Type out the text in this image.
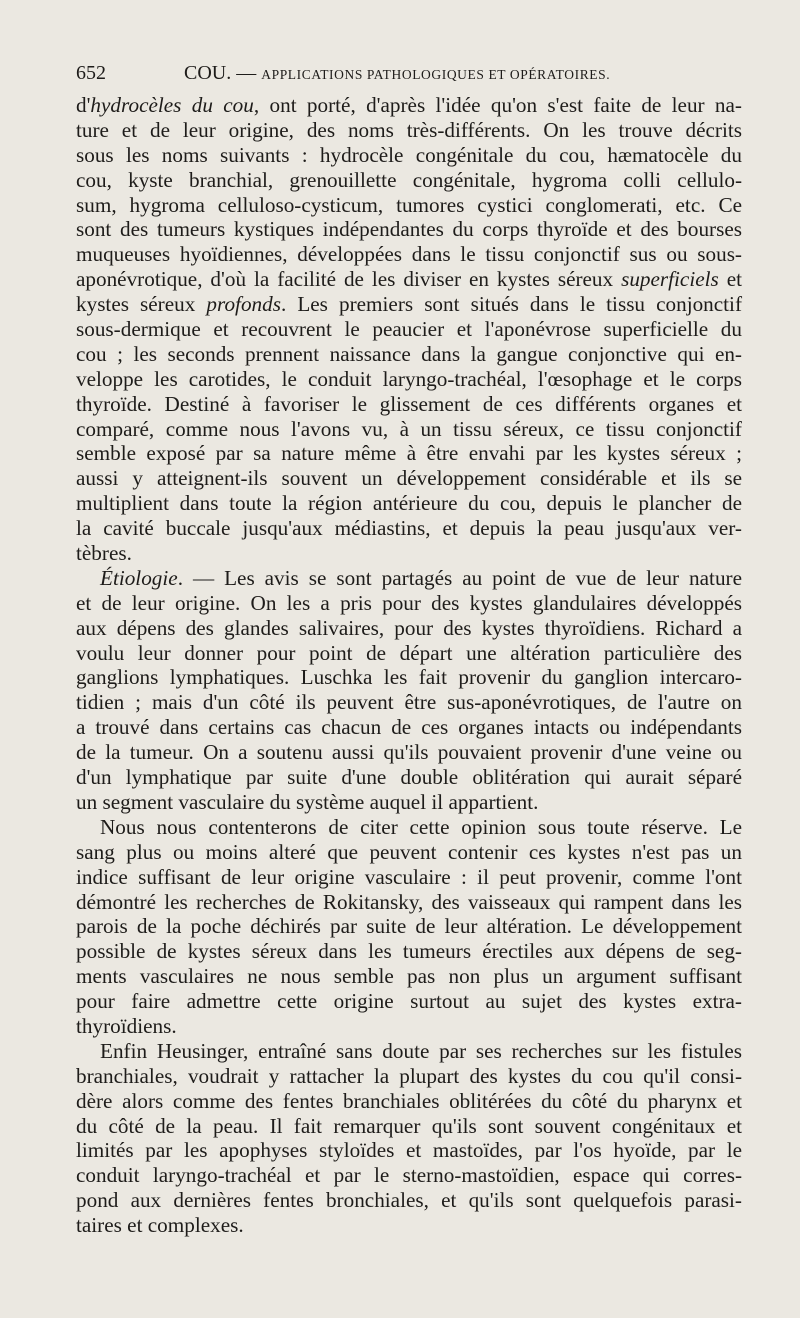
652	COU. — APPLICATIONS PATHOLOGIQUES ET OPÉRATOIRES.
d'hydrocèles du cou, ont porté, d'après l'idée qu'on s'est faite de leur na-
ture et de leur origine, des noms très-différents. On les trouve décrits
sous les noms suivants : hydrocèle congénitale du cou, hæmatocèle du
cou, kyste branchial, grenouillette congénitale, hygroma colli cellulo-
sum, hygroma celluloso-cysticum, tumores cystici conglomerati, etc. Ce
sont des tumeurs kystiques indépendantes du corps thyroïde et des bourses
muqueuses hyoïdiennes, développées dans le tissu conjonctif sus ou sous-
aponévrotique, d'où la facilité de les diviser en kystes séreux superficiels et
kystes séreux profonds. Les premiers sont situés dans le tissu conjonctif
sous-dermique et recouvrent le peaucier et l'aponévrose superficielle du
cou ; les seconds prennent naissance dans la gangue conjonctive qui en-
veloppe les carotides, le conduit laryngo-trachéal, l'œsophage et le corps
thyroïde. Destiné à favoriser le glissement de ces différents organes et
comparé, comme nous l'avons vu, à un tissu séreux, ce tissu conjonctif
semble exposé par sa nature même à être envahi par les kystes séreux ;
aussi y atteignent-ils souvent un développement considérable et ils se
multiplient dans toute la région antérieure du cou, depuis le plancher de
la cavité buccale jusqu'aux médiastins, et depuis la peau jusqu'aux ver-
tèbres.
Étiologie. — Les avis se sont partagés au point de vue de leur nature
et de leur origine. On les a pris pour des kystes glandulaires développés
aux dépens des glandes salivaires, pour des kystes thyroïdiens. Richard a
voulu leur donner pour point de départ une altération particulière des
ganglions lymphatiques. Luschka les fait provenir du ganglion intercaro-
tidien ; mais d'un côté ils peuvent être sus-aponévrotiques, de l'autre on
a trouvé dans certains cas chacun de ces organes intacts ou indépendants
de la tumeur. On a soutenu aussi qu'ils pouvaient provenir d'une veine ou
d'un lymphatique par suite d'une double oblitération qui aurait séparé
un segment vasculaire du système auquel il appartient.
Nous nous contenterons de citer cette opinion sous toute réserve. Le
sang plus ou moins alteré que peuvent contenir ces kystes n'est pas un
indice suffisant de leur origine vasculaire : il peut provenir, comme l'ont
démontré les recherches de Rokitansky, des vaisseaux qui rampent dans les
parois de la poche déchirés par suite de leur altération. Le développement
possible de kystes séreux dans les tumeurs érectiles aux dépens de seg-
ments vasculaires ne nous semble pas non plus un argument suffisant
pour faire admettre cette origine surtout au sujet des kystes extra-
thyroïdiens.
Enfin Heusinger, entraîné sans doute par ses recherches sur les fistules
branchiales, voudrait y rattacher la plupart des kystes du cou qu'il consi-
dère alors comme des fentes branchiales oblitérées du côté du pharynx et
du côté de la peau. Il fait remarquer qu'ils sont souvent congénitaux et
limités par les apophyses styloïdes et mastoïdes, par l'os hyoïde, par le
conduit laryngo-trachéal et par le sterno-mastoïdien, espace qui corres-
pond aux dernières fentes bronchiales, et qu'ils sont quelquefois parasi-
taires et complexes.
